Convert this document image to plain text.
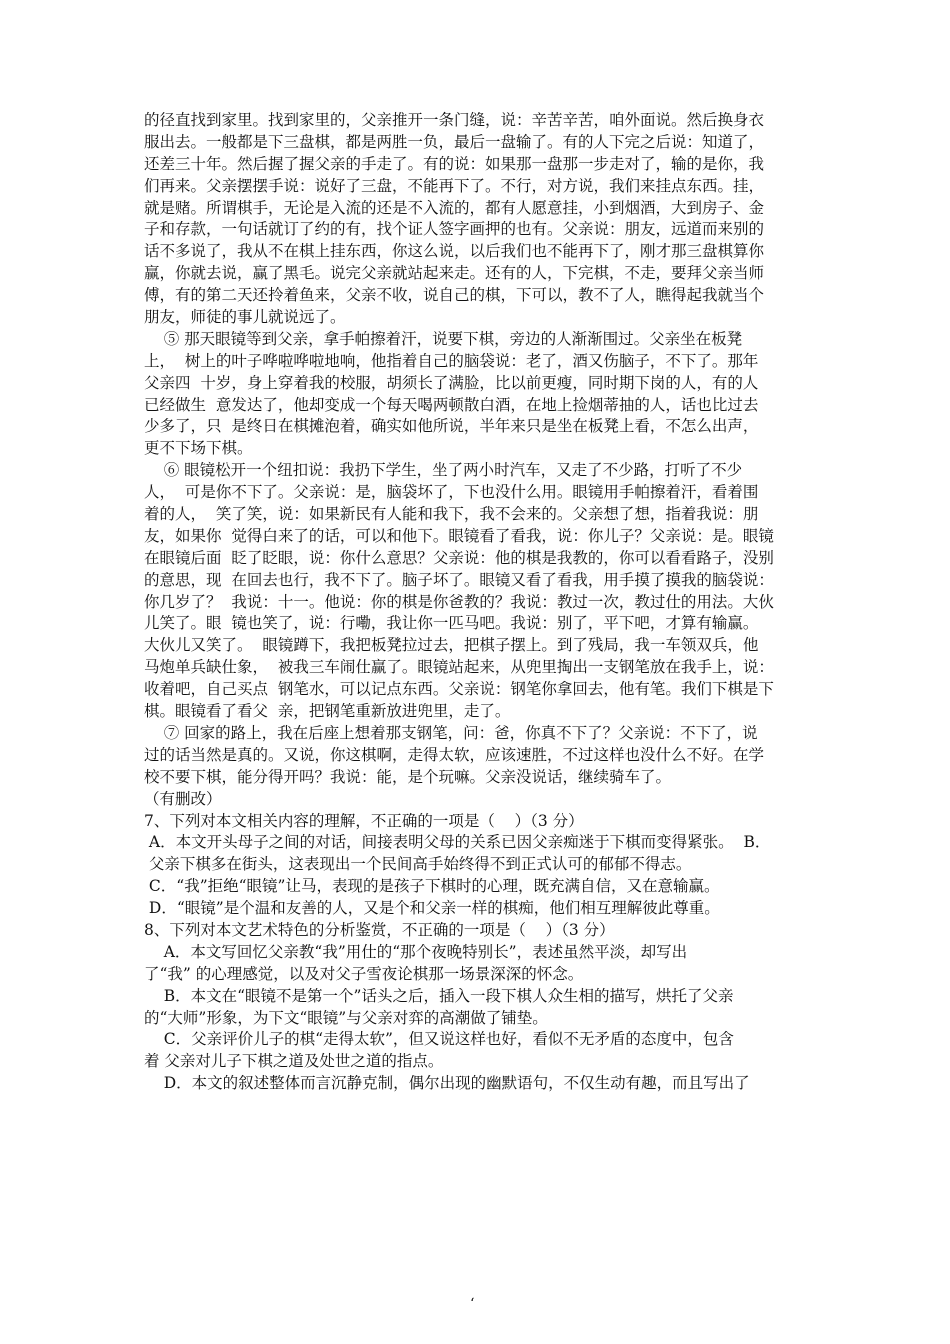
的径直找到家里。找到家里的，父亲推开一条门缝，说：辛苦辛苦，咱外面说。然后换身衣
服出去。一般都是下三盘棋，都是两胜一负，最后一盘输了。有的人下完之后说：知道了，
还差三十年。然后握了握父亲的手走了。有的说：如果那一盘那一步走对了，输的是你，我
们再来。父亲摆摆手说：说好了三盘，不能再下了。不行，对方说，我们来挂点东西。挂，
就是赌。所谓棋手，无论是入流的还是不入流的，都有人愿意挂，小到烟酒，大到房子、金
子和存款，一句话就订了约的有，找个证人签字画押的也有。父亲说：朋友，远道而来别的
话不多说了，我从不在棋上挂东西，你这么说，以后我们也不能再下了，刚才那三盘棋算你
赢，你就去说，赢了黑毛。说完父亲就站起来走。还有的人，下完棋，不走，要拜父亲当师
傅，有的第二天还拎着鱼来，父亲不收，说自己的棋，下可以，教不了人，瞧得起我就当个
朋友，师徒的事儿就说远了。
⑤ 那天眼镜等到父亲，拿手帕擦着汗，说要下棋，旁边的人渐渐围过。父亲坐在板凳
上，  树上的叶子哗啦哗啦地响，他指着自己的脑袋说：老了，酒又伤脑子，不下了。那年
父亲四  十岁，身上穿着我的校服，胡须长了满脸，比以前更瘦，同时期下岗的人，有的人
已经做生  意发达了，他却变成一个每天喝两顿散白酒，在地上捡烟蒂抽的人，话也比过去
少多了，只  是终日在棋摊泡着，确实如他所说，半年来只是坐在板凳上看，不怎么出声，
更不下场下棋。
⑥ 眼镜松开一个纽扣说：我扔下学生，坐了两小时汽车，又走了不少路，打听了不少
人，  可是你不下了。父亲说：是，脑袋坏了，下也没什么用。眼镜用手帕擦着汗，看着围
着的人，  笑了笑，说：如果新民有人能和我下，我不会来的。父亲想了想，指着我说：朋
友，如果你  觉得白来了的话，可以和他下。眼镜看了看我，说：你儿子？父亲说：是。眼镜
在眼镜后面  眨了眨眼，说：你什么意思？父亲说：他的棋是我教的，你可以看看路子，没别
的意思，现  在回去也行，我不下了。脑子坏了。眼镜又看了看我，用手摸了摸我的脑袋说：
你几岁了？  我说：十一。他说：你的棋是你爸教的？我说：教过一次，教过仕的用法。大伙
儿笑了。眼  镜也笑了，说：行嘞，我让你一匹马吧。我说：别了，平下吧，才算有输赢。
大伙儿又笑了。  眼镜蹲下，我把板凳拉过去，把棋子摆上。到了残局，我一车领双兵，他
马炮单兵缺仕象，  被我三车闹仕赢了。眼镜站起来，从兜里掏出一支钢笔放在我手上，说：
收着吧，自己买点  钢笔水，可以记点东西。父亲说：钢笔你拿回去，他有笔。我们下棋是下
棋。眼镜看了看父  亲，把钢笔重新放进兜里，走了。
⑦ 回家的路上，我在后座上想着那支钢笔，问：爸，你真不下了？父亲说：不下了，说
过的话当然是真的。又说，你这棋啊，走得太软，应该速胜，不过这样也没什么不好。在学
校不要下棋，能分得开吗？我说：能，是个玩嘛。父亲没说话，继续骑车了。
（有删改）
7、下列对本文相关内容的理解，不正确的一项是（    ）（3 分）
A．本文开头母子之间的对话，间接表明父母的关系已因父亲痴迷于下棋而变得紧张。  B．
父亲下棋多在街头，这表现出一个民间高手始终得不到正式认可的郁郁不得志。
C．“我”拒绝“眼镜”让马，表现的是孩子下棋时的心理，既充满自信，又在意输赢。
D．“眼镜”是个温和友善的人，又是个和父亲一样的棋痴，他们相互理解彼此尊重。
8、下列对本文艺术特色的分析鉴赏，不正确的一项是（    ）（3 分）
A．本文写回忆父亲教“我”用仕的“那个夜晚特别长”，表述虽然平淡，却写出
了“我” 的心理感觉，以及对父子雪夜论棋那一场景深深的怀念。
B．本文在“眼镜不是第一个”话头之后，插入一段下棋人众生相的描写，烘托了父亲
的“大师”形象，为下文“眼镜”与父亲对弈的高潮做了铺垫。
C．父亲评价儿子的棋“走得太软”，但又说这样也好，看似不无矛盾的态度中，包含
着 父亲对儿子下棋之道及处世之道的指点。
D．本文的叙述整体而言沉静克制，偶尔出现的幽默语句，不仅生动有趣，而且写出了
‘
